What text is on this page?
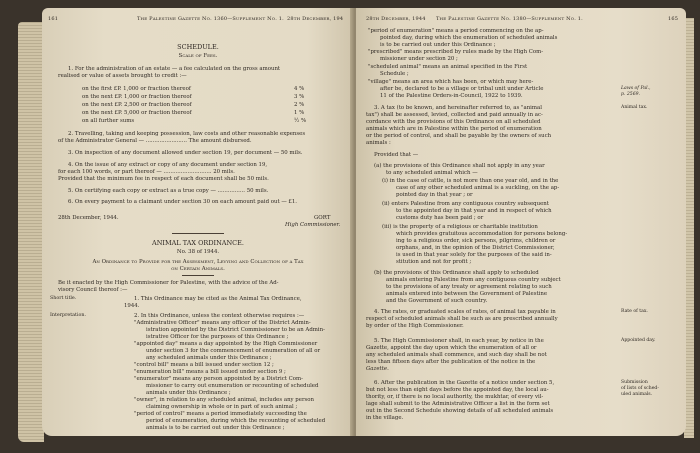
161	The Palestine Gazette No. 1360—Supplement No. 1. 28th December, 194
SCHEDULE.
Scale of Fees.
1. For the administration of an estate — a fee calculated on the gross amount
realised or value of assets brought to credit :—
on the first £P. 1,000 or fraction thereof	4 %
on the next £P. 1,000 or fraction thereof	3 %
on the next £P. 2,500 or fraction thereof	2 %
on the next £P. 5,000 or fraction thereof	1 %
on all further sums	½ %
2. Travelling, taking and keeping possession, law costs and other reasonable expenses
of the Administrator General — ........................ The amount disbursed.
3. On inspection of any document allowed under section 19, per document — 50 mils.
4. On the issue of any extract or copy of any document under section 19,
for each 100 words, or part thereof — ............................ 20 mils.
Provided that the minimum fee in respect of each document shall be 50 mils.
5. On certifying each copy or extract as a true copy — ................ 50 mils.
6. On every payment to a claimant under section 30 on each amount paid out — £1.
28th December, 1944.	GORT
High Commissioner.
ANIMAL TAX ORDINANCE.
No. 38 of 1944.
An Ordinance to Provide for the Assessment, Levying and Collection of a Tax
on Certain Animals.
Be it enacted by the High Commissioner for Palestine, with the advice of the Ad-
visory Council thereof :—
Short title.	1. This Ordinance may be cited as the Animal Tax Ordinance,
1944.
Interpretation.	2. In this Ordinance, unless the context otherwise requires :—
"Administrative Officer" means any officer of the District Admin-
istration appointed by the District Commissioner to be an Admin-
istrative Officer for the purposes of this Ordinance ;
"appointed day" means a day appointed by the High Commissioner
under section 3 for the commencement of enumeration of all or
any scheduled animals under this Ordinance ;
"control bill" means a bill issued under section 12 ;
"enumeration bill" means a bill issued under section 9 ;
"enumerator" means any person appointed by a District Com-
missioner to carry out enumeration or recounting of scheduled
animals under this Ordinance ;
"owner", in relation to any scheduled animal, includes any person
claiming ownership in whole or in part of such animal ;
"period of control" means a period immediately succeeding the
period of enumeration, during which the recounting of scheduled
animals is to be carried out under this Ordinance ;
28th December, 1944 The Palestine Gazette No. 1380—Supplement No. 1.	165
"period of enumeration" means a period commencing on the ap-
pointed day, during which the enumeration of scheduled animals
is to be carried out under this Ordinance ;
"prescribed" means prescribed by rules made by the High Com-
missioner under section 20 ;
"scheduled animal" means an animal specified in the First
Schedule ;
"village" means an area which has been, or which may here-
after be, declared to be a village or tribal unit under Article
11 of the Palestine Orders-in-Council, 1922 to 1939.
Laws of Pal.,
p. 2569.
Animal tax.
3. A tax (to be known, and hereinafter referred to, as "animal
tax") shall be assessed, levied, collected and paid annually in ac-
cordance with the provisions of this Ordinance on all scheduled
animals which are in Palestine within the period of enumeration
or the period of control, and shall be payable by the owners of such
animals :
Provided that —
(a) the provisions of this Ordinance shall not apply in any year
to any scheduled animal which —
(i) in the case of cattle, is not more than one year old, and in the
case of any other scheduled animal is a suckling, on the ap-
pointed day in that year ; or
(ii) enters Palestine from any contiguous country subsequent
to the appointed day in that year and in respect of which
customs duty has been paid ; or
(iii) is the property of a religious or charitable institution
which provides gratuitous accommodation for persons belong-
ing to a religious order, sick persons, pilgrims, children or
orphans, and, in the opinion of the District Commissioner,
is used in that year solely for the purposes of the said in-
stitution and not for profit ;
(b) the provisions of this Ordinance shall apply to scheduled
animals entering Palestine from any contiguous country subject
to the provisions of any treaty or agreement relating to such
animals entered into between the Government of Palestine
and the Government of such country.
Rate of tax.
4. The rates, or graduated scales of rates, of animal tax payable in
respect of scheduled animals shall be such as are prescribed annually
by order of the High Commissioner.
Appointed day.
5. The High Commissioner shall, in each year, by notice in the
Gazette, appoint the day upon which the enumeration of all or
any scheduled animals shall commence, and such day shall be not
less than fifteen days after the publication of the notice in the
Gazette.
Submission
of lists of sched-
uled animals.
6. After the publication in the Gazette of a notice under section 5,
but not less than eight days before the appointed day, the local au-
thority, or, if there is no local authority, the mukhtar, of every vil-
lage shall submit to the Administrative Officer a list in the form set
out in the Second Schedule showing details of all scheduled animals
in the village.
